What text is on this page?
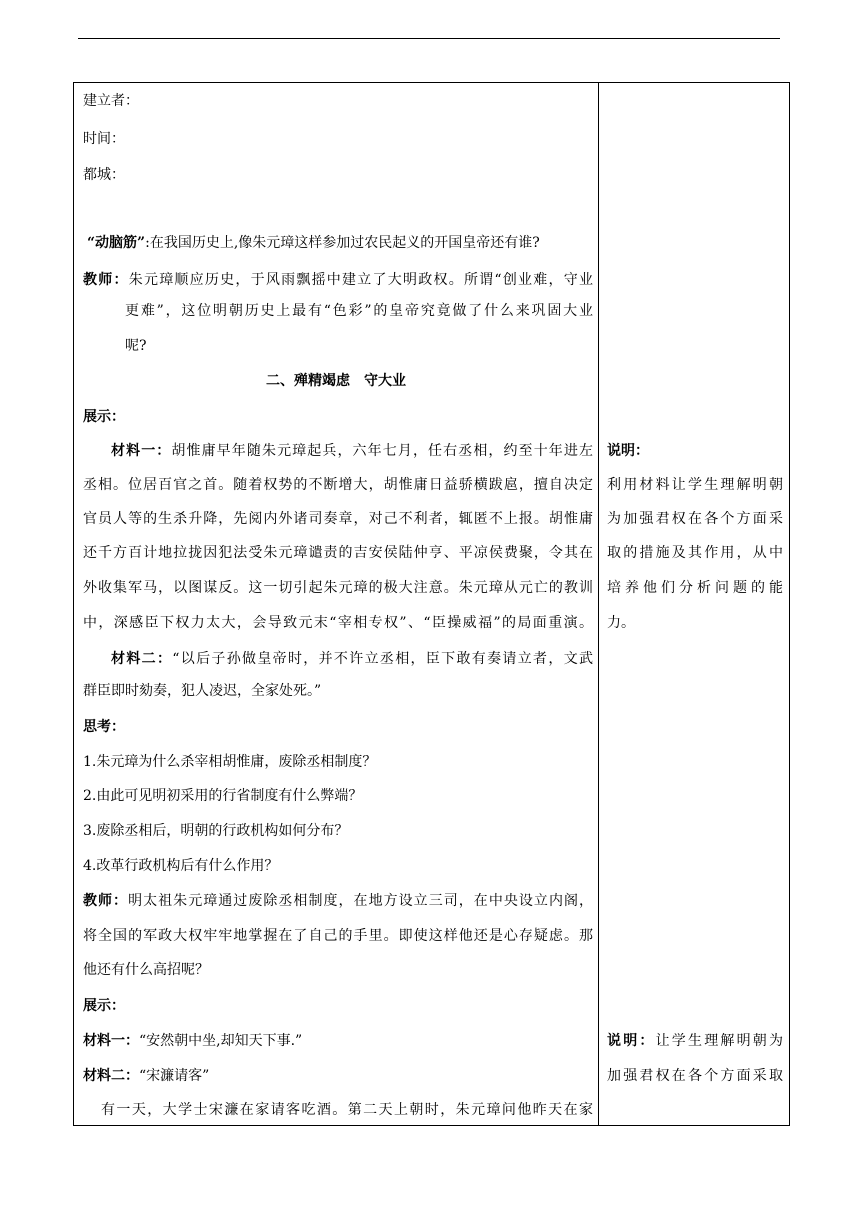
建立者：
时间：
都城：
“动脑筋”:在我国历史上,像朱元璋这样参加过农民起义的开国皇帝还有谁?
教师：朱元璋顺应历史，于风雨飘摇中建立了大明政权。所谓“创业难，守业
更难”，这位明朝历史上最有“色彩”的皇帝究竟做了什么来巩固大业
呢?
二、殚精竭虑　守大业
展示：
材料一：胡惟庸早年随朱元璋起兵，六年七月，任右丞相，约至十年进左
丞相。位居百官之首。随着权势的不断增大，胡惟庸日益骄横跋扈，擅自决定
官员人等的生杀升降，先阅内外诸司奏章，对己不利者，辄匿不上报。胡惟庸
还千方百计地拉拢因犯法受朱元璋谴责的吉安侯陆仲亨、平凉侯费聚，令其在
外收集军马，以图谋反。这一切引起朱元璋的极大注意。朱元璋从元亡的教训
中，深感臣下权力太大，会导致元末“宰相专权”、“臣操威福”的局面重演。
材料二：“以后子孙做皇帝时，并不许立丞相，臣下敢有奏请立者，文武
群臣即时劾奏，犯人凌迟，全家处死。”
思考：
1.朱元璋为什么杀宰相胡惟庸，废除丞相制度？
2.由此可见明初采用的行省制度有什么弊端？
3.废除丞相后，明朝的行政机构如何分布？
4.改革行政机构后有什么作用？
教师：明太祖朱元璋通过废除丞相制度，在地方设立三司，在中央设立内阁，
将全国的军政大权牢牢地掌握在了自己的手里。即使这样他还是心存疑虑。那
他还有什么高招呢？
展示：
材料一：“安然朝中坐,却知天下事.”
材料二：“宋濂请客”
有一天，大学士宋濂在家请客吃酒。第二天上朝时，朱元璋问他昨天在家
说明：
利用材料让学生理解明朝
为加强君权在各个方面采
取的措施及其作用，从中
培养他们分析问题的能
力。
说明：让学生理解明朝为
加强君权在各个方面采取
